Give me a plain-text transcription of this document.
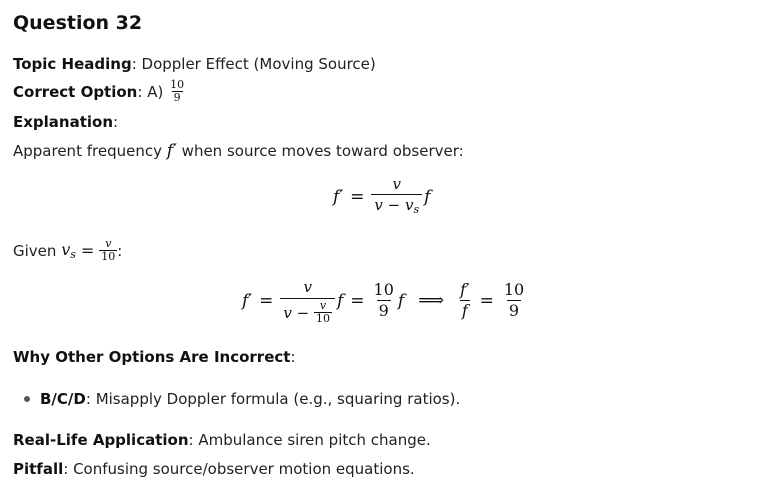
Question 32
Topic Heading: Doppler Effect (Moving Source)
Correct Option : A)
$\frac{10}{9}$
Explanation:
Apparent frequency f′ when source moves toward observer:
$f' = \frac{v}{v - v_s}$ f
Given
$v_s = \frac{v}{10}$ :
f′ = v
v −
$\frac{v}{10}$ $f = \frac{10}{9}$ f ⟹ $\frac{f'}{f} = \frac{10}{9}$
Why Other Options Are Incorrect:
B/C/D: Misapply Doppler formula (e.g., squaring ratios).
Real-Life Application: Ambulance siren pitch change.
Pitfall: Confusing source/observer motion equations.
